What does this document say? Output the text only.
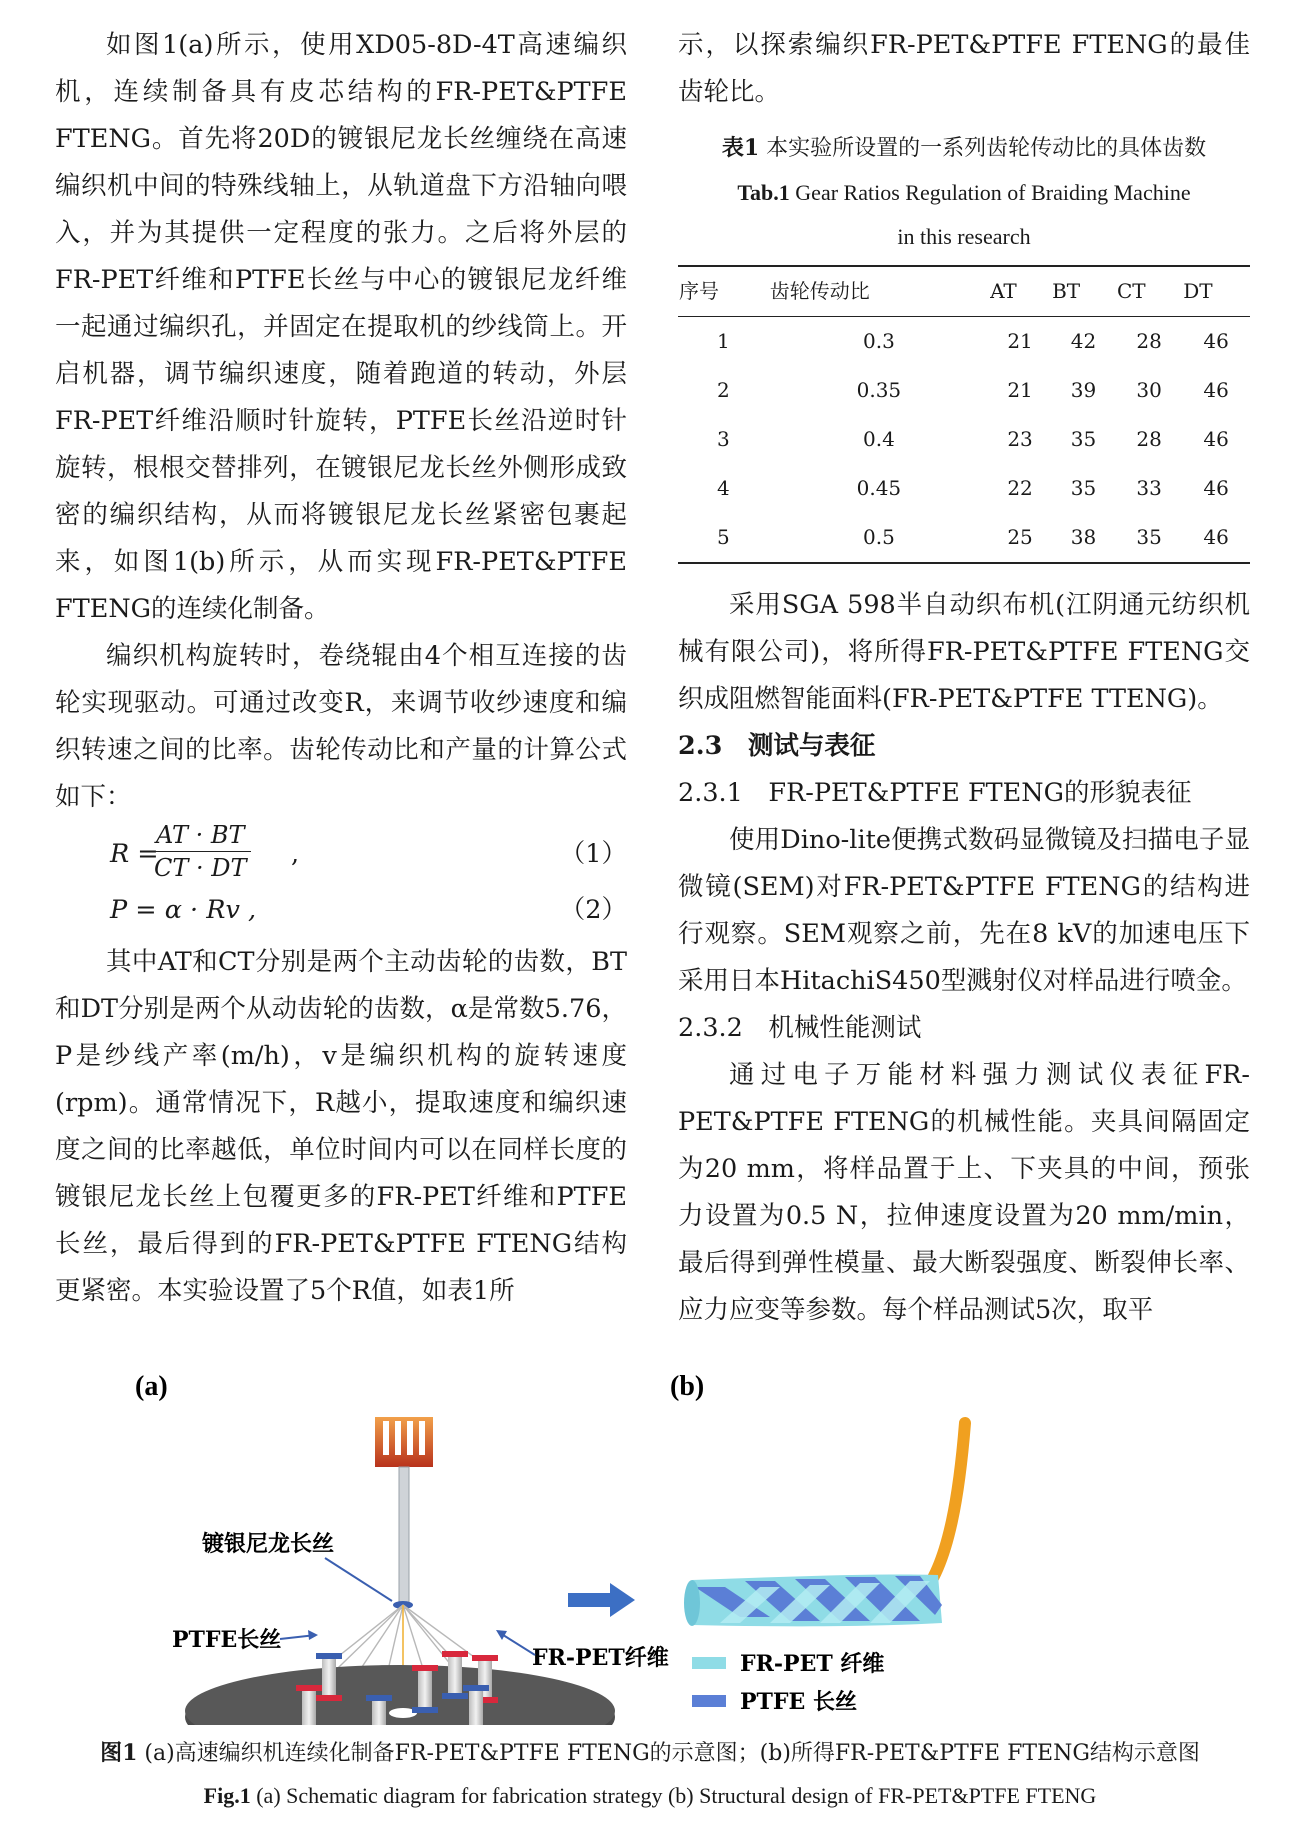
如图1(a)所示，使用XD05-8D-4T高速编织机，连续制备具有皮芯结构的FR-PET&PTFE FTENG。首先将20D的镀银尼龙长丝缠绕在高速编织机中间的特殊线轴上，从轨道盘下方沿轴向喂入，并为其提供一定程度的张力。之后将外层的FR-PET纤维和PTFE长丝与中心的镀银尼龙纤维一起通过编织孔，并固定在提取机的纱线筒上。开启机器，调节编织速度，随着跑道的转动，外层FR-PET纤维沿顺时针旋转，PTFE长丝沿逆时针旋转，根根交替排列，在镀银尼龙长丝外侧形成致密的编织结构，从而将镀银尼龙长丝紧密包裹起来，如图1(b)所示，从而实现FR-PET&PTFE FTENG的连续化制备。

编织机构旋转时，卷绕辊由4个相互连接的齿轮实现驱动。可通过改变R，来调节收纱速度和编织转速之间的比率。齿轮传动比和产量的计算公式如下：

R =
$\frac{AT \cdot BT}{CT \cdot DT}$ ,	（1）
P = α · Rv ,	（2）

其中AT和CT分别是两个主动齿轮的齿数，BT和DT分别是两个从动齿轮的齿数，α是常数5.76，P是纱线产率(m/h)，v是编织机构的旋转速度(rpm)。通常情况下，R越小，提取速度和编织速度之间的比率越低，单位时间内可以在同样长度的镀银尼龙长丝上包覆更多的FR-PET纤维和PTFE长丝，最后得到的FR-PET&PTFE FTENG结构更紧密。本实验设置了5个R值，如表1所

示，以探索编织FR-PET&PTFE FTENG的最佳齿轮比。

表1 本实验所设置的一系列齿轮传动比的具体齿数
Tab.1 Gear Ratios Regulation of Braiding Machine
in this research
序号	齿轮传动比	AT	BT	CT	DT
1	0.3	21	42	28	46
2	0.35	21	39	30	46
3	0.4	23	35	28	46
4	0.45	22	35	33	46
5	0.5	25	38	35	46

采用SGA 598半自动织布机(江阴通元纺织机械有限公司)，将所得FR-PET&PTFE FTENG交织成阻燃智能面料(FR-PET&PTFE TTENG)。

2.3　测试与表征

2.3.1　FR-PET&PTFE FTENG的形貌表征

使用Dino-lite便携式数码显微镜及扫描电子显微镜(SEM)对FR-PET&PTFE FTENG的结构进行观察。SEM观察之前，先在8 kV的加速电压下采用日本HitachiS450型溅射仪对样品进行喷金。

2.3.2　机械性能测试

通过电子万能材料强力测试仪表征FR-PET&PTFE FTENG的机械性能。夹具间隔固定为20 mm，将样品置于上、下夹具的中间，预张力设置为0.5 N，拉伸速度设置为20 mm/min，最后得到弹性模量、最大断裂强度、断裂伸长率、应力应变等参数。每个样品测试5次，取平

(a)	(b)
镀银尼龙长丝
PTFE长丝
FR-PET纤维	FR-PET 纤维
PTFE 长丝
图1 (a)高速编织机连续化制备FR-PET&PTFE FTENG的示意图；(b)所得FR-PET&PTFE FTENG结构示意图
Fig.1 (a) Schematic diagram for fabrication strategy (b) Structural design of FR-PET&PTFE FTENG
